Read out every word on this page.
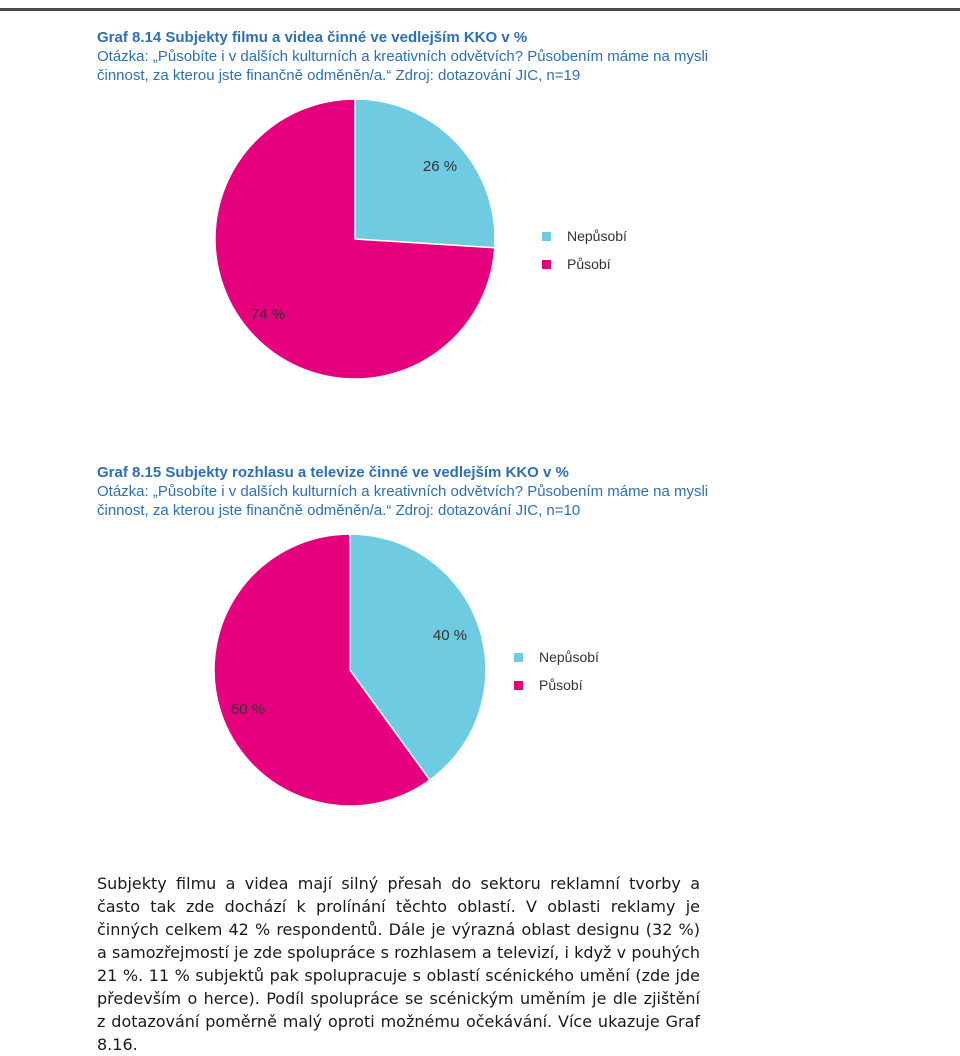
Graf 8.14 Subjekty filmu a videa činné ve vedlejším KKO v %
Otázka: „Působíte i v dalších kulturních a kreativních odvětvích? Působením máme na mysli činnost, za kterou jste finančně odměněn/a.“ Zdroj: dotazování JIC, n=19
26 %
74 %
Nepůsobí
Působí
Graf 8.15 Subjekty rozhlasu a televize činné ve vedlejším KKO v %
Otázka: „Působíte i v dalších kulturních a kreativních odvětvích? Působením máme na mysli činnost, za kterou jste finančně odměněn/a.“ Zdroj: dotazování JIC, n=10
40 %
60 %
Nepůsobí
Působí
Subjekty filmu a videa mají silný přesah do sektoru reklamní tvorby a často tak zde dochází k prolínání těchto oblastí. V oblasti reklamy je činných celkem 42 % respondentů. Dále je výrazná oblast designu (32 %) a samozřejmostí je zde spolupráce s rozhlasem a televizí, i když v pouhých 21 %. 11 % subjektů pak spolupracuje s oblastí scénického umění (zde jde především o herce). Podíl spolupráce se scénickým uměním je dle zjištění z dotazování poměrně malý oproti možnému očekávání. Více ukazuje Graf 8.16.
